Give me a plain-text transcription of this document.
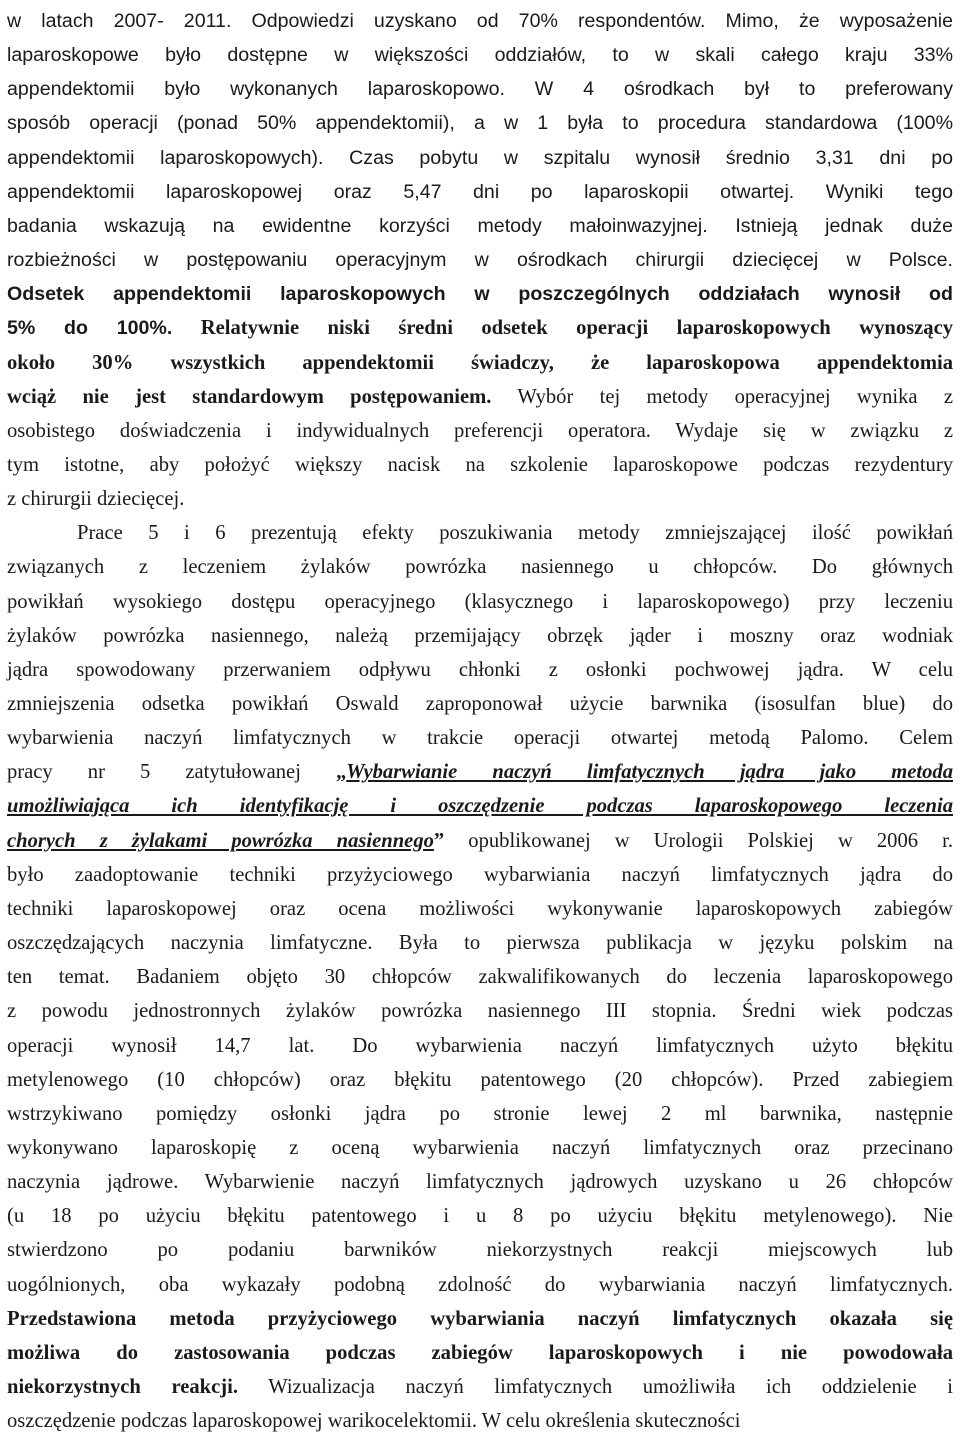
w latach 2007- 2011. Odpowiedzi uzyskano od 70% respondentów. Mimo, że wyposażenie
laparoskopowe było dostępne w większości oddziałów, to w skali całego kraju 33%
appendektomii było wykonanych laparoskopowo. W 4 ośrodkach był to preferowany
sposób operacji (ponad 50% appendektomii), a w 1 była to procedura standardowa (100%
appendektomii laparoskopowych). Czas pobytu w szpitalu wynosił średnio 3,31 dni po
appendektomii laparoskopowej oraz 5,47 dni po laparoskopii otwartej. Wyniki tego
badania wskazują na ewidentne korzyści metody małoinwazyjnej. Istnieją jednak duże
rozbieżności w postępowaniu operacyjnym w ośrodkach chirurgii dziecięcej w Polsce.
Odsetek appendektomii laparoskopowych w poszczególnych oddziałach wynosił od
5% do 100%. Relatywnie niski średni odsetek operacji laparoskopowych wynoszący
około 30% wszystkich appendektomii świadczy, że laparoskopowa appendektomia
wciąż nie jest standardowym postępowaniem. Wybór tej metody operacyjnej wynika z
osobistego doświadczenia i indywidualnych preferencji operatora. Wydaje się w związku z
tym istotne, aby położyć większy nacisk na szkolenie laparoskopowe podczas rezydentury
z chirurgii dziecięcej.
Prace 5 i 6 prezentują efekty poszukiwania metody zmniejszającej ilość powikłań
związanych z leczeniem żylaków powrózka nasiennego u chłopców. Do głównych
powikłań wysokiego dostępu operacyjnego (klasycznego i laparoskopowego) przy leczeniu
żylaków powrózka nasiennego, należą przemijający obrzęk jąder i moszny oraz wodniak
jądra spowodowany przerwaniem odpływu chłonki z osłonki pochwowej jądra. W celu
zmniejszenia odsetka powikłań Oswald zaproponował użycie barwnika (isosulfan blue) do
wybarwienia naczyń limfatycznych w trakcie operacji otwartej metodą Palomo. Celem
pracy nr 5 zatytułowanej „Wybarwianie naczyń limfatycznych jądra jako metoda
umożliwiająca ich identyfikację i oszczędzenie podczas laparoskopowego leczenia
chorych z żylakami powrózka nasiennego” opublikowanej w Urologii Polskiej w 2006 r.
było zaadoptowanie techniki przyżyciowego wybarwiania naczyń limfatycznych jądra do
techniki laparoskopowej oraz ocena możliwości wykonywanie laparoskopowych zabiegów
oszczędzających naczynia limfatyczne. Była to pierwsza publikacja w języku polskim na
ten temat. Badaniem objęto 30 chłopców zakwalifikowanych do leczenia laparoskopowego
z powodu jednostronnych żylaków powrózka nasiennego III stopnia. Średni wiek podczas
operacji wynosił 14,7 lat. Do wybarwienia naczyń limfatycznych użyto błękitu
metylenowego (10 chłopców) oraz błękitu patentowego (20 chłopców). Przed zabiegiem
wstrzykiwano pomiędzy osłonki jądra po stronie lewej 2 ml barwnika, następnie
wykonywano laparoskopię z oceną wybarwienia naczyń limfatycznych oraz przecinano
naczynia jądrowe. Wybarwienie naczyń limfatycznych jądrowych uzyskano u 26 chłopców
(u 18 po użyciu błękitu patentowego i u 8 po użyciu błękitu metylenowego). Nie
stwierdzono po podaniu barwników niekorzystnych reakcji miejscowych lub
uogólnionych, oba wykazały podobną zdolność do wybarwiania naczyń limfatycznych.
Przedstawiona metoda przyżyciowego wybarwiania naczyń limfatycznych okazała się
możliwa do zastosowania podczas zabiegów laparoskopowych i nie powodowała
niekorzystnych reakcji. Wizualizacja naczyń limfatycznych umożliwiła ich oddzielenie i
oszczędzenie podczas laparoskopowej warikocelektomii. W celu określenia skuteczności
